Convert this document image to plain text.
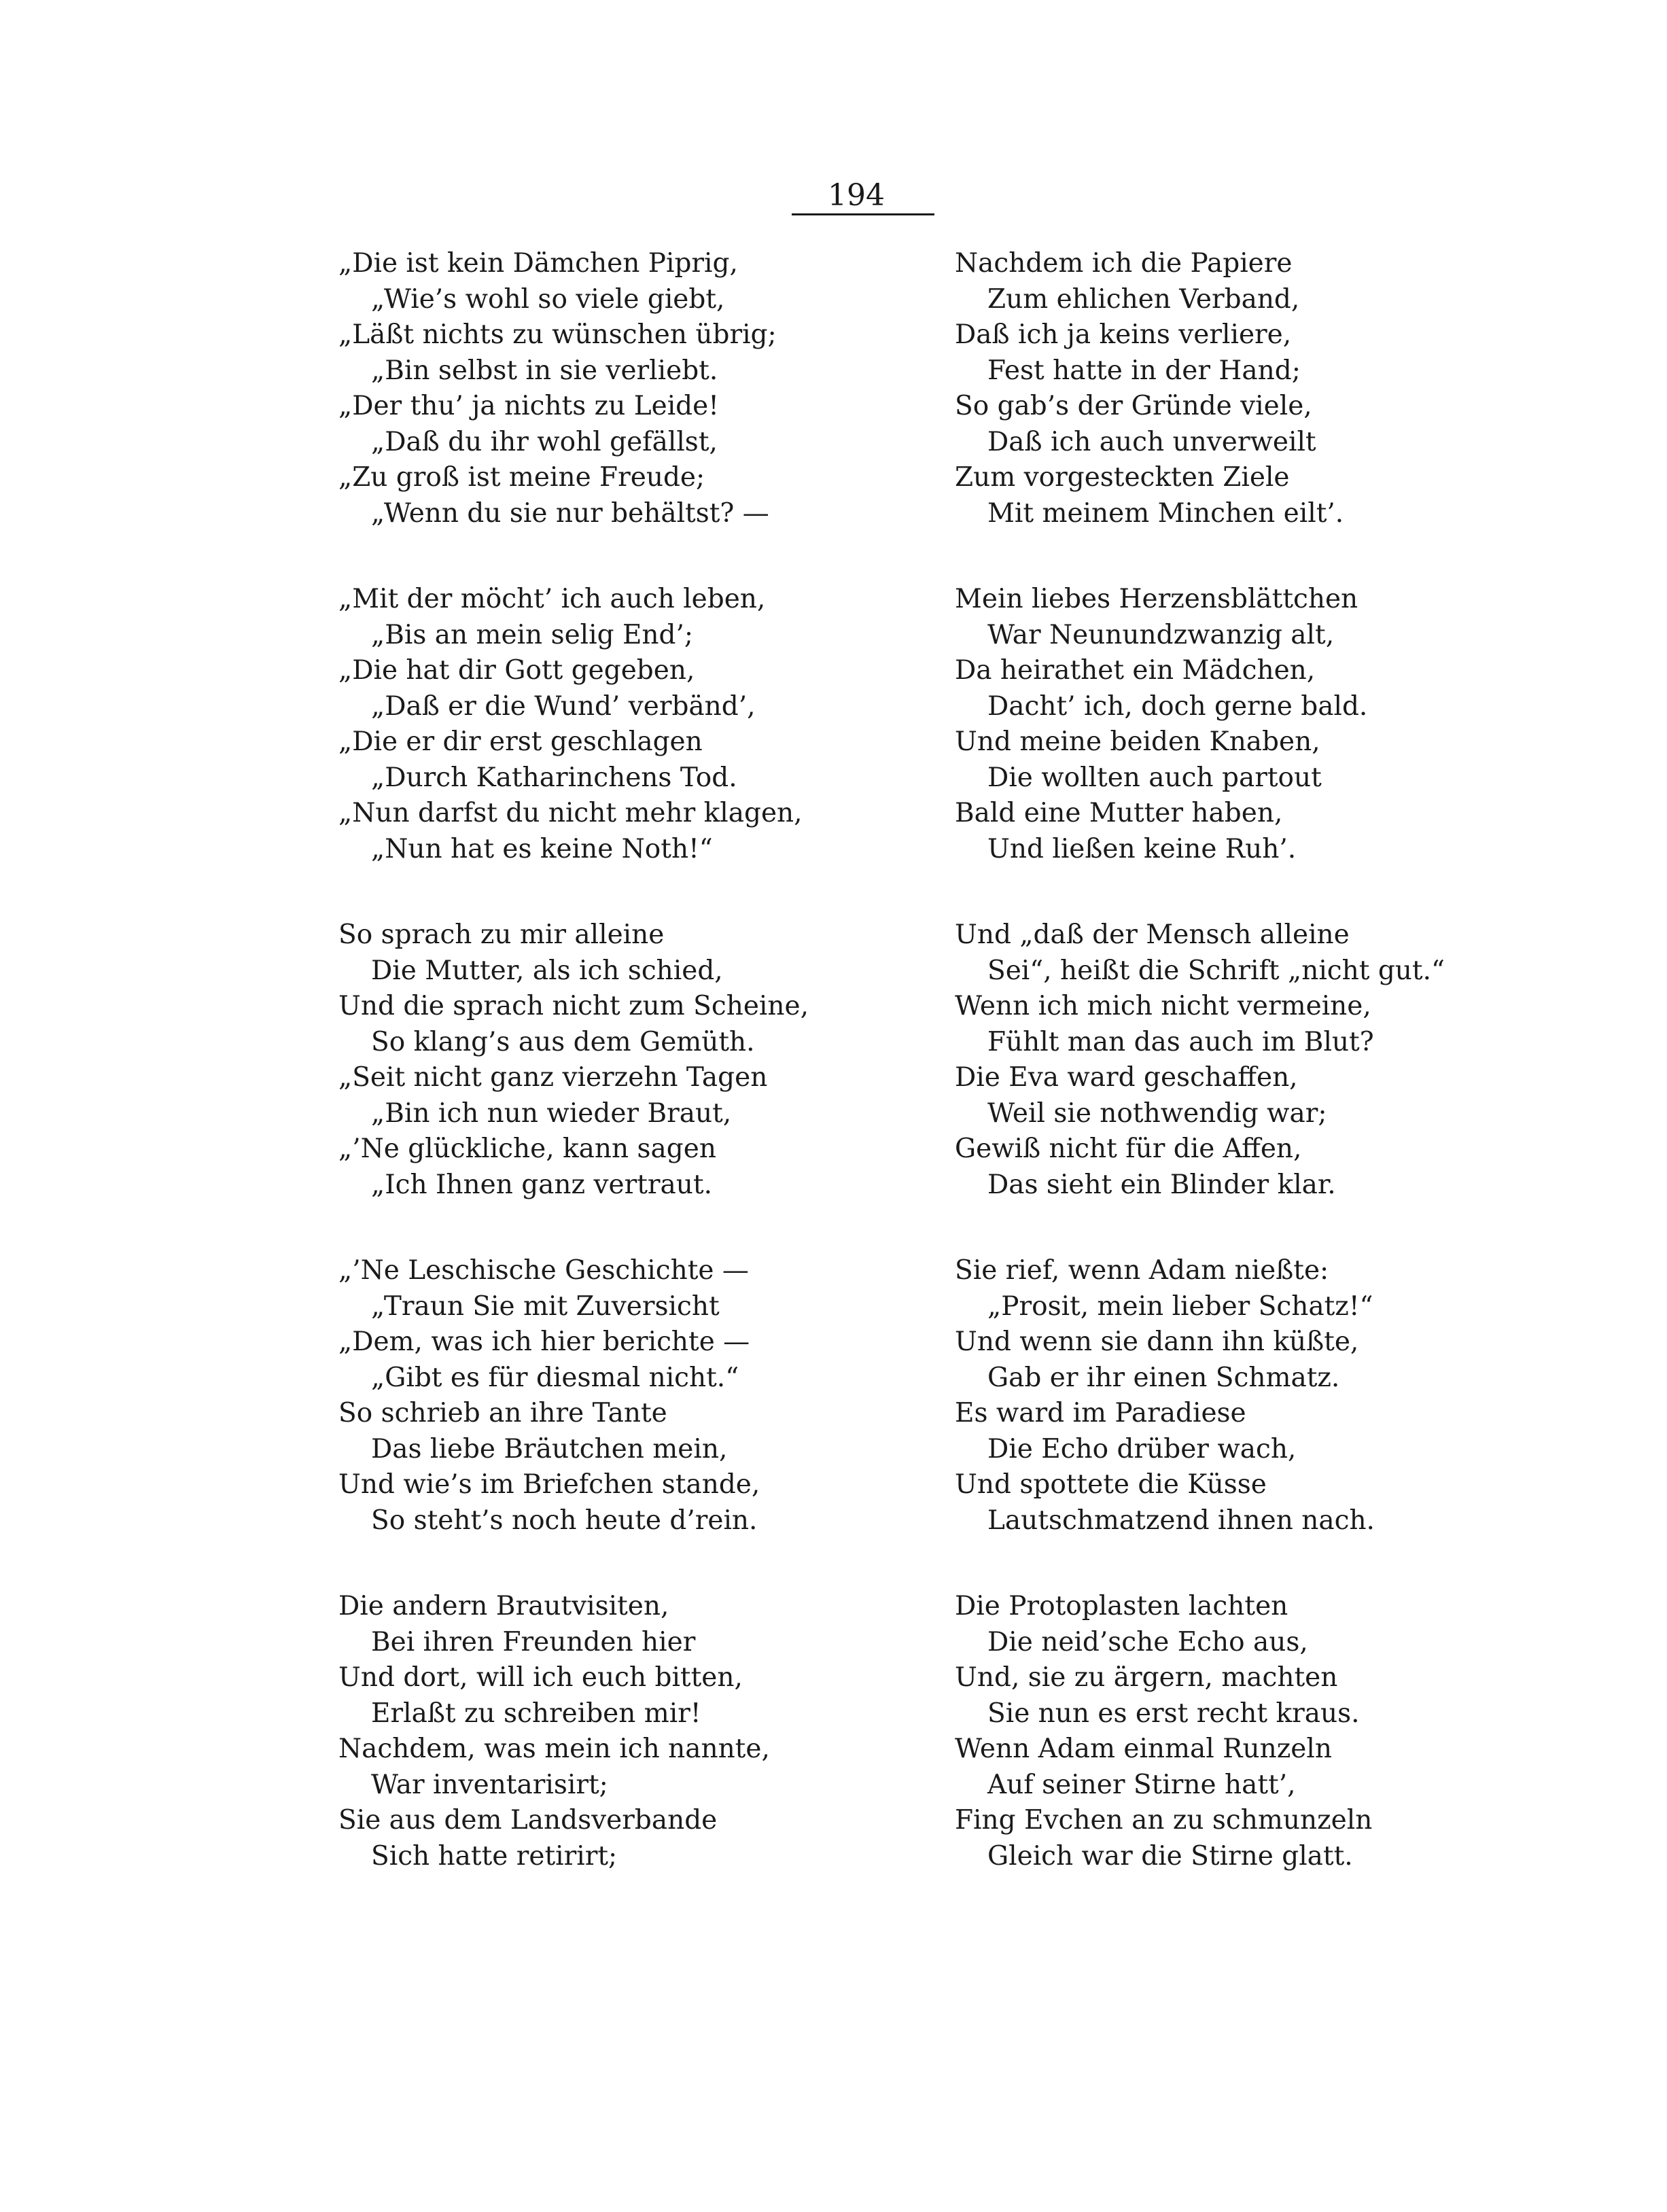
194
„Die ist kein Dämchen Piprig,
„Wie’s wohl so viele giebt,
„Läßt nichts zu wünschen übrig;
„Bin selbst in sie verliebt.
„Der thu’ ja nichts zu Leide!
„Daß du ihr wohl gefällst,
„Zu groß ist meine Freude;
„Wenn du sie nur behältst? —
„Mit der möcht’ ich auch leben,
„Bis an mein selig End’;
„Die hat dir Gott gegeben,
„Daß er die Wund’ verbänd’,
„Die er dir erst geschlagen
„Durch Katharinchens Tod.
„Nun darfst du nicht mehr klagen,
„Nun hat es keine Noth!“
So sprach zu mir alleine
Die Mutter, als ich schied,
Und die sprach nicht zum Scheine,
So klang’s aus dem Gemüth.
„Seit nicht ganz vierzehn Tagen
„Bin ich nun wieder Braut,
„’Ne glückliche, kann sagen
„Ich Ihnen ganz vertraut.
„’Ne Leschische Geschichte —
„Traun Sie mit Zuversicht
„Dem, was ich hier berichte —
„Gibt es für diesmal nicht.“
So schrieb an ihre Tante
Das liebe Bräutchen mein,
Und wie’s im Briefchen stande,
So steht’s noch heute d’rein.
Die andern Brautvisiten,
Bei ihren Freunden hier
Und dort, will ich euch bitten,
Erlaßt zu schreiben mir!
Nachdem, was mein ich nannte,
War inventarisirt;
Sie aus dem Landsverbande
Sich hatte retirirt;
Nachdem ich die Papiere
Zum ehlichen Verband,
Daß ich ja keins verliere,
Fest hatte in der Hand;
So gab’s der Gründe viele,
Daß ich auch unverweilt
Zum vorgesteckten Ziele
Mit meinem Minchen eilt’.
Mein liebes Herzensblättchen
War Neunundzwanzig alt,
Da heirathet ein Mädchen,
Dacht’ ich, doch gerne bald.
Und meine beiden Knaben,
Die wollten auch partout
Bald eine Mutter haben,
Und ließen keine Ruh’.
Und „daß der Mensch alleine
Sei“, heißt die Schrift „nicht gut.“
Wenn ich mich nicht vermeine,
Fühlt man das auch im Blut?
Die Eva ward geschaffen,
Weil sie nothwendig war;
Gewiß nicht für die Affen,
Das sieht ein Blinder klar.
Sie rief, wenn Adam nießte:
„Prosit, mein lieber Schatz!“
Und wenn sie dann ihn küßte,
Gab er ihr einen Schmatz.
Es ward im Paradiese
Die Echo drüber wach,
Und spottete die Küsse
Lautschmatzend ihnen nach.
Die Protoplasten lachten
Die neid’sche Echo aus,
Und, sie zu ärgern, machten
Sie nun es erst recht kraus.
Wenn Adam einmal Runzeln
Auf seiner Stirne hatt’,
Fing Evchen an zu schmunzeln
Gleich war die Stirne glatt.
